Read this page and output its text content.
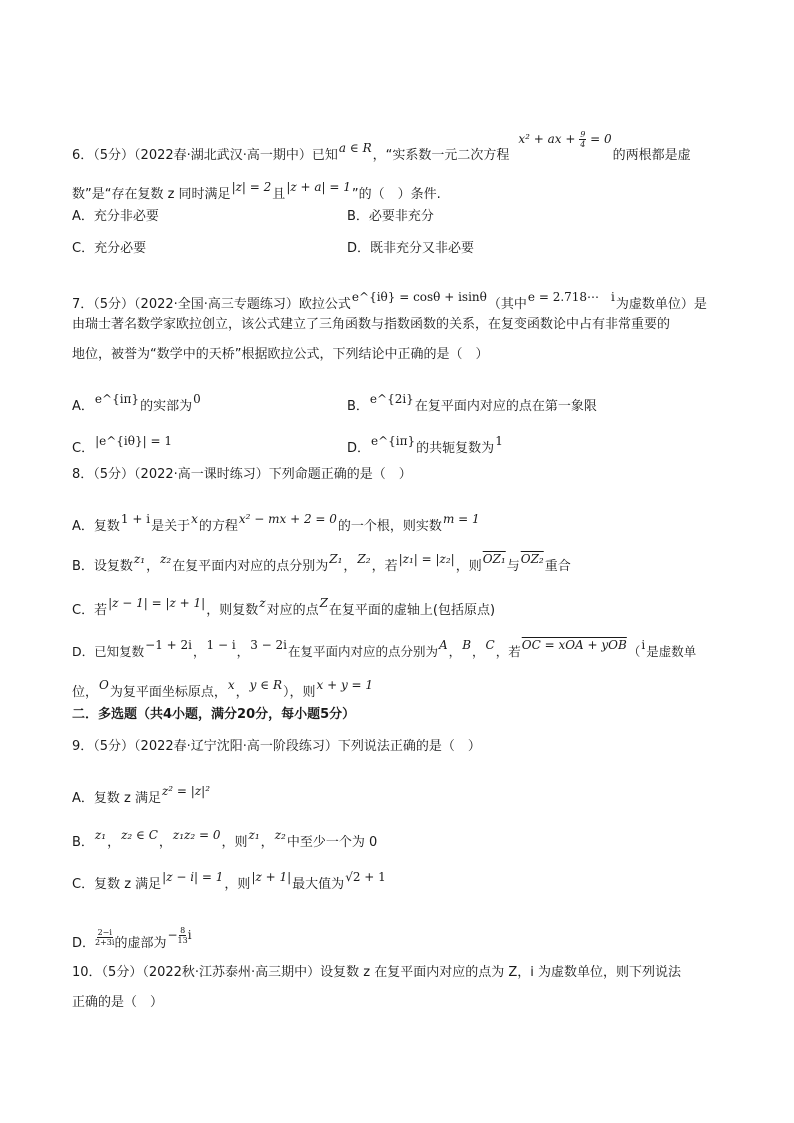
6．（5分）（2022春·湖北武汉·高一期中）已知a ∈ R，“实系数一元二次方程x² + ax + $\frac{9}{4} = 0$的两根都是虚
数”是“存在复数 z 同时满足|z| = 2且|z + a| = 1”的（　）条件.
A．充分非必要	B．必要非充分
C．充分必要	D．既非充分又非必要
7．（5分）（2022·全国·高三专题练习）欧拉公式e^{iθ} = cosθ + isinθ（其中e = 2.718⋯ i为虚数单位）是
由瑞士著名数学家欧拉创立，该公式建立了三角函数与指数函数的关系，在复变函数论中占有非常重要的
地位，被誉为“数学中的天桥”根据欧拉公式，下列结论中正确的是（　）
A．e^{iπ}的实部为0	B．e^{2i}在复平面内对应的点在第一象限
C．|e^{iθ}| = 1	D．e^{iπ}的共轭复数为1
8．（5分）（2022·高一课时练习）下列命题正确的是（　）
A．复数1 + i是关于x的方程x² − mx + 2 = 0的一个根，则实数m = 1
B．设复数z₁，z₂在复平面内对应的点分别为Z₁，Z₂，若|z₁| = |z₂|，则OZ₁与OZ₂重合
C．若|z − 1| = |z + 1|，则复数z对应的点Z在复平面的虚轴上(包括原点)
D．已知复数−1 + 2i，1 − i，3 − 2i在复平面内对应的点分别为A，B，C，若OC = xOA + yOB（i是虚数单
位，O为复平面坐标原点，x，y ∈ R），则x + y = 1
二．多选题（共4小题，满分20分，每小题5分）
9．（5分）（2022春·辽宁沈阳·高一阶段练习）下列说法正确的是（　）
A．复数 z 满足z² = |z|²
B．z₁，z₂ ∈ C，z₁z₂ = 0，则z₁，z₂中至少一个为 0
C．复数 z 满足|z − i| = 1，则|z + 1|最大值为√2 + 1
D． $\frac{2-i}{2+3i}$ 的虚部为− $\frac{8}{13}$ i
10．（5分）（2022秋·江苏泰州·高三期中）设复数 z 在复平面内对应的点为 Z，i 为虚数单位，则下列说法
正确的是（　）
